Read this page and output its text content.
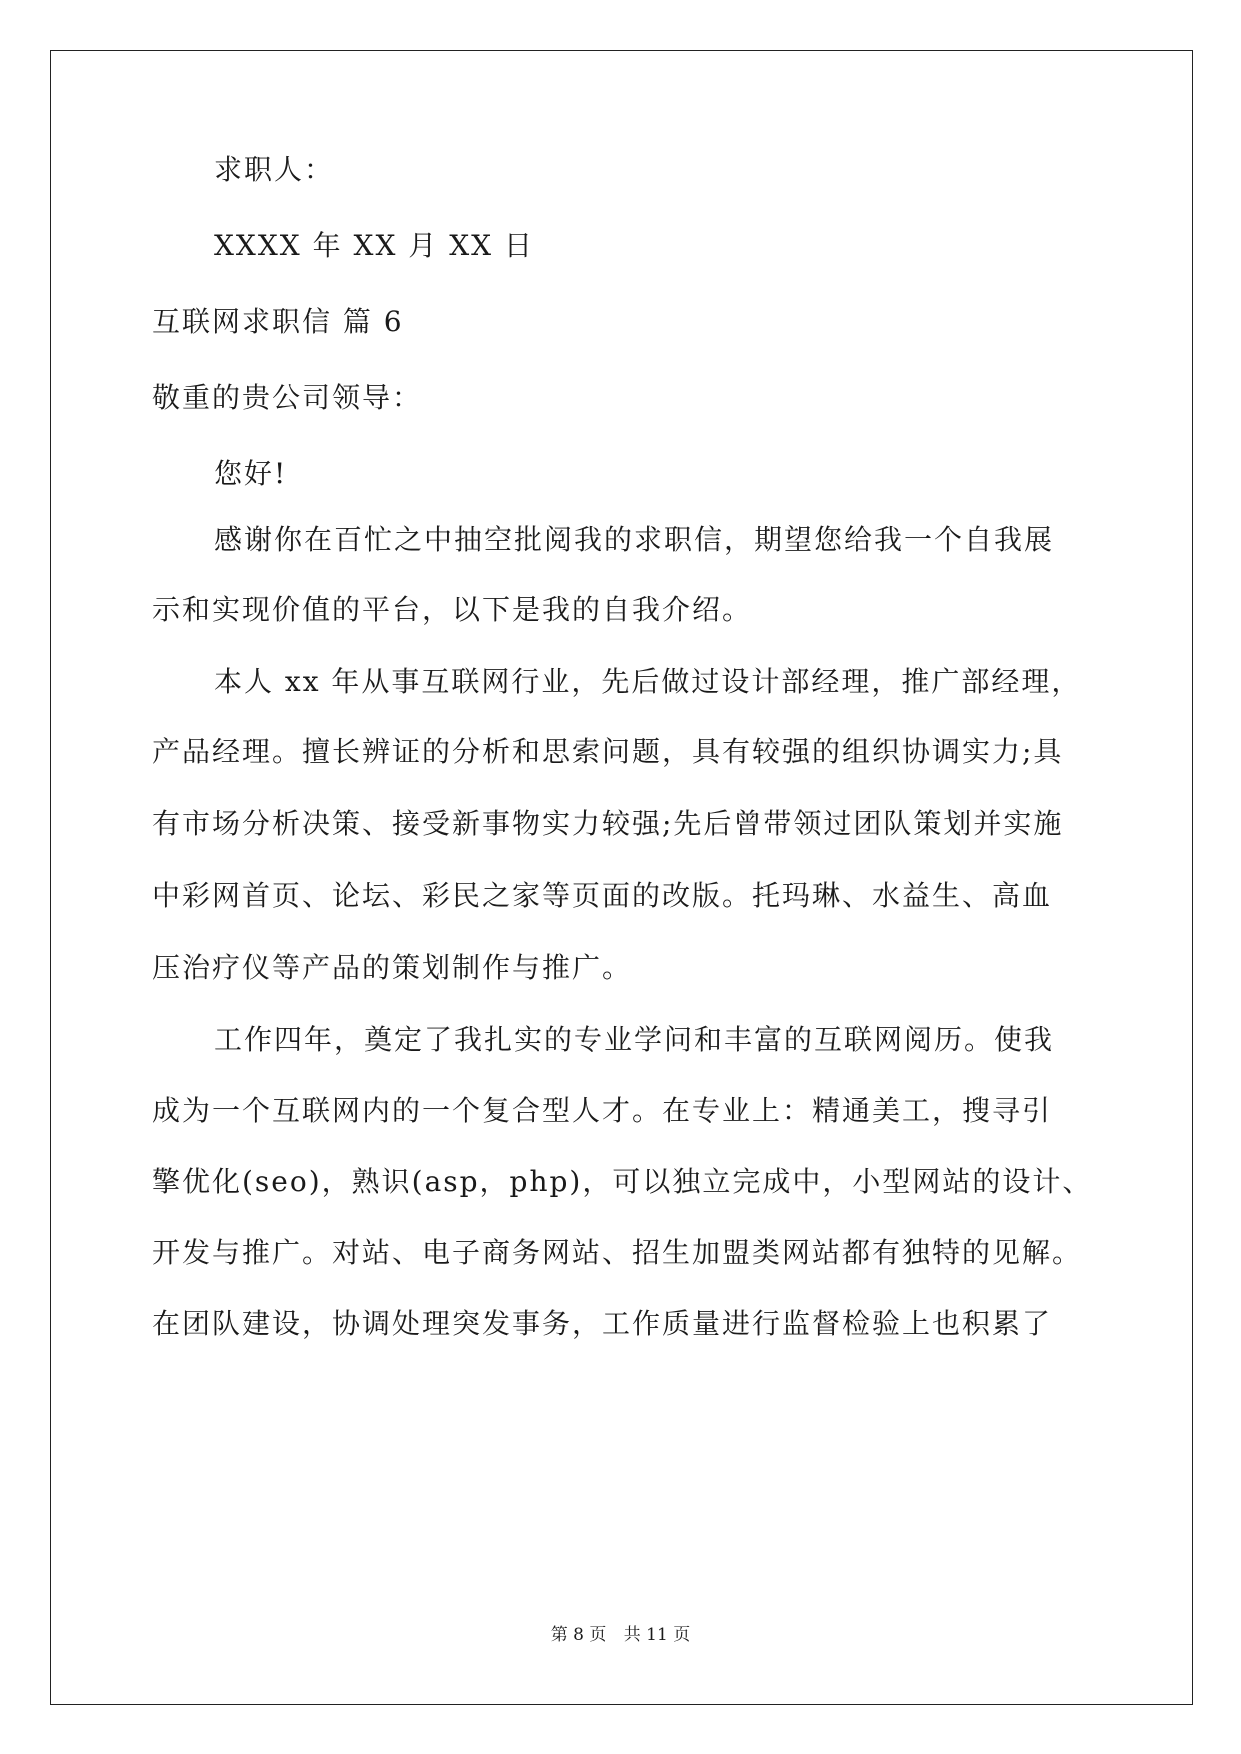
求职人：
XXXX 年 XX 月 XX 日
互联网求职信 篇 6
敬重的贵公司领导：
您好!
感谢你在百忙之中抽空批阅我的求职信，期望您给我一个自我展
示和实现价值的平台，以下是我的自我介绍。
本人 xx 年从事互联网行业，先后做过设计部经理，推广部经理，
产品经理。擅长辨证的分析和思索问题，具有较强的组织协调实力;具
有市场分析决策、接受新事物实力较强;先后曾带领过团队策划并实施
中彩网首页、论坛、彩民之家等页面的改版。托玛琳、水益生、高血
压治疗仪等产品的策划制作与推广。
工作四年，奠定了我扎实的专业学问和丰富的互联网阅历。使我
成为一个互联网内的一个复合型人才。在专业上：精通美工，搜寻引
擎优化(seo)，熟识(asp，php)，可以独立完成中，小型网站的设计、
开发与推广。对站、电子商务网站、招生加盟类网站都有独特的见解。
在团队建设，协调处理突发事务，工作质量进行监督检验上也积累了
第 8 页 共 11 页
